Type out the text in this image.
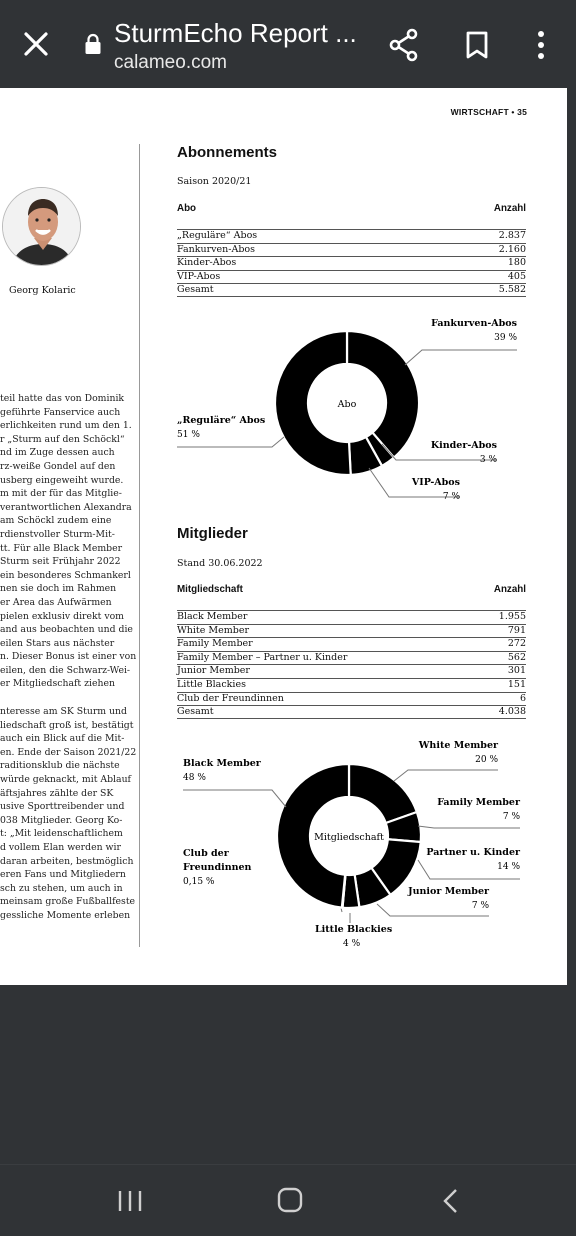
SturmEcho Report ...
calameo.com
WIRTSCHAFT • 35
Georg Kolaric

teil hatte das von Dominik

geführte Fanservice auch

erlichkeiten rund um den 1.

r „Sturm auf den Schöckl“

nd im Zuge dessen auch

rz-weiße Gondel auf den

usberg eingeweiht wurde.

m mit der für das Mitglie-

verantwortlichen Alexandra

am Schöckl zudem eine

rdienstvoller Sturm-Mit-

tt. Für alle Black Member

Sturm seit Frühjahr 2022

ein besonderes Schmankerl

nen sie doch im Rahmen

er Area das Aufwärmen

pielen exklusiv direkt vom

and aus beobachten und die

eilen Stars aus nächster

n. Dieser Bonus ist einer von

eilen, den die Schwarz-Wei-

er Mitgliedschaft ziehen

nteresse am SK Sturm und

liedschaft groß ist, bestätigt

auch ein Blick auf die Mit-

en. Ende der Saison 2021/22

raditionsklub die nächste

würde geknackt, mit Ablauf

äftsjahres zählte der SK

usive Sporttreibender und

038 Mitglieder. Georg Ko-

t: „Mit leidenschaftlichem

d vollem Elan werden wir

daran arbeiten, bestmöglich

eren Fans und Mitgliedern

sch zu stehen, um auch in

meinsam große Fußballfeste

gessliche Momente erleben

Abonnements
Saison 2020/21
Abo	Anzahl
„Reguläre“ Abos	2.837
Fankurven-Abos	2.160
Kinder-Abos	180
VIP-Abos	405
Gesamt	5.582
Fankurven-Abos
39 %
Kinder-Abos
3 %
VIP-Abos
7 %
„Reguläre“ Abos
51 %
Abo
Mitglieder
Stand 30.06.2022
Mitgliedschaft	Anzahl
Black Member	1.955
White Member	791
Family Member	272
Family Member – Partner u. Kinder	562
Junior Member	301
Little Blackies	151
Club der Freundinnen	6
Gesamt	4.038
White Member
20 %
Family Member
7 %
Partner u. Kinder
14 %
Junior Member
7 %
Little Blackies
4 %
Club der
Freundinnen
0,15 %
Black Member
48 %
Mitgliedschaft
